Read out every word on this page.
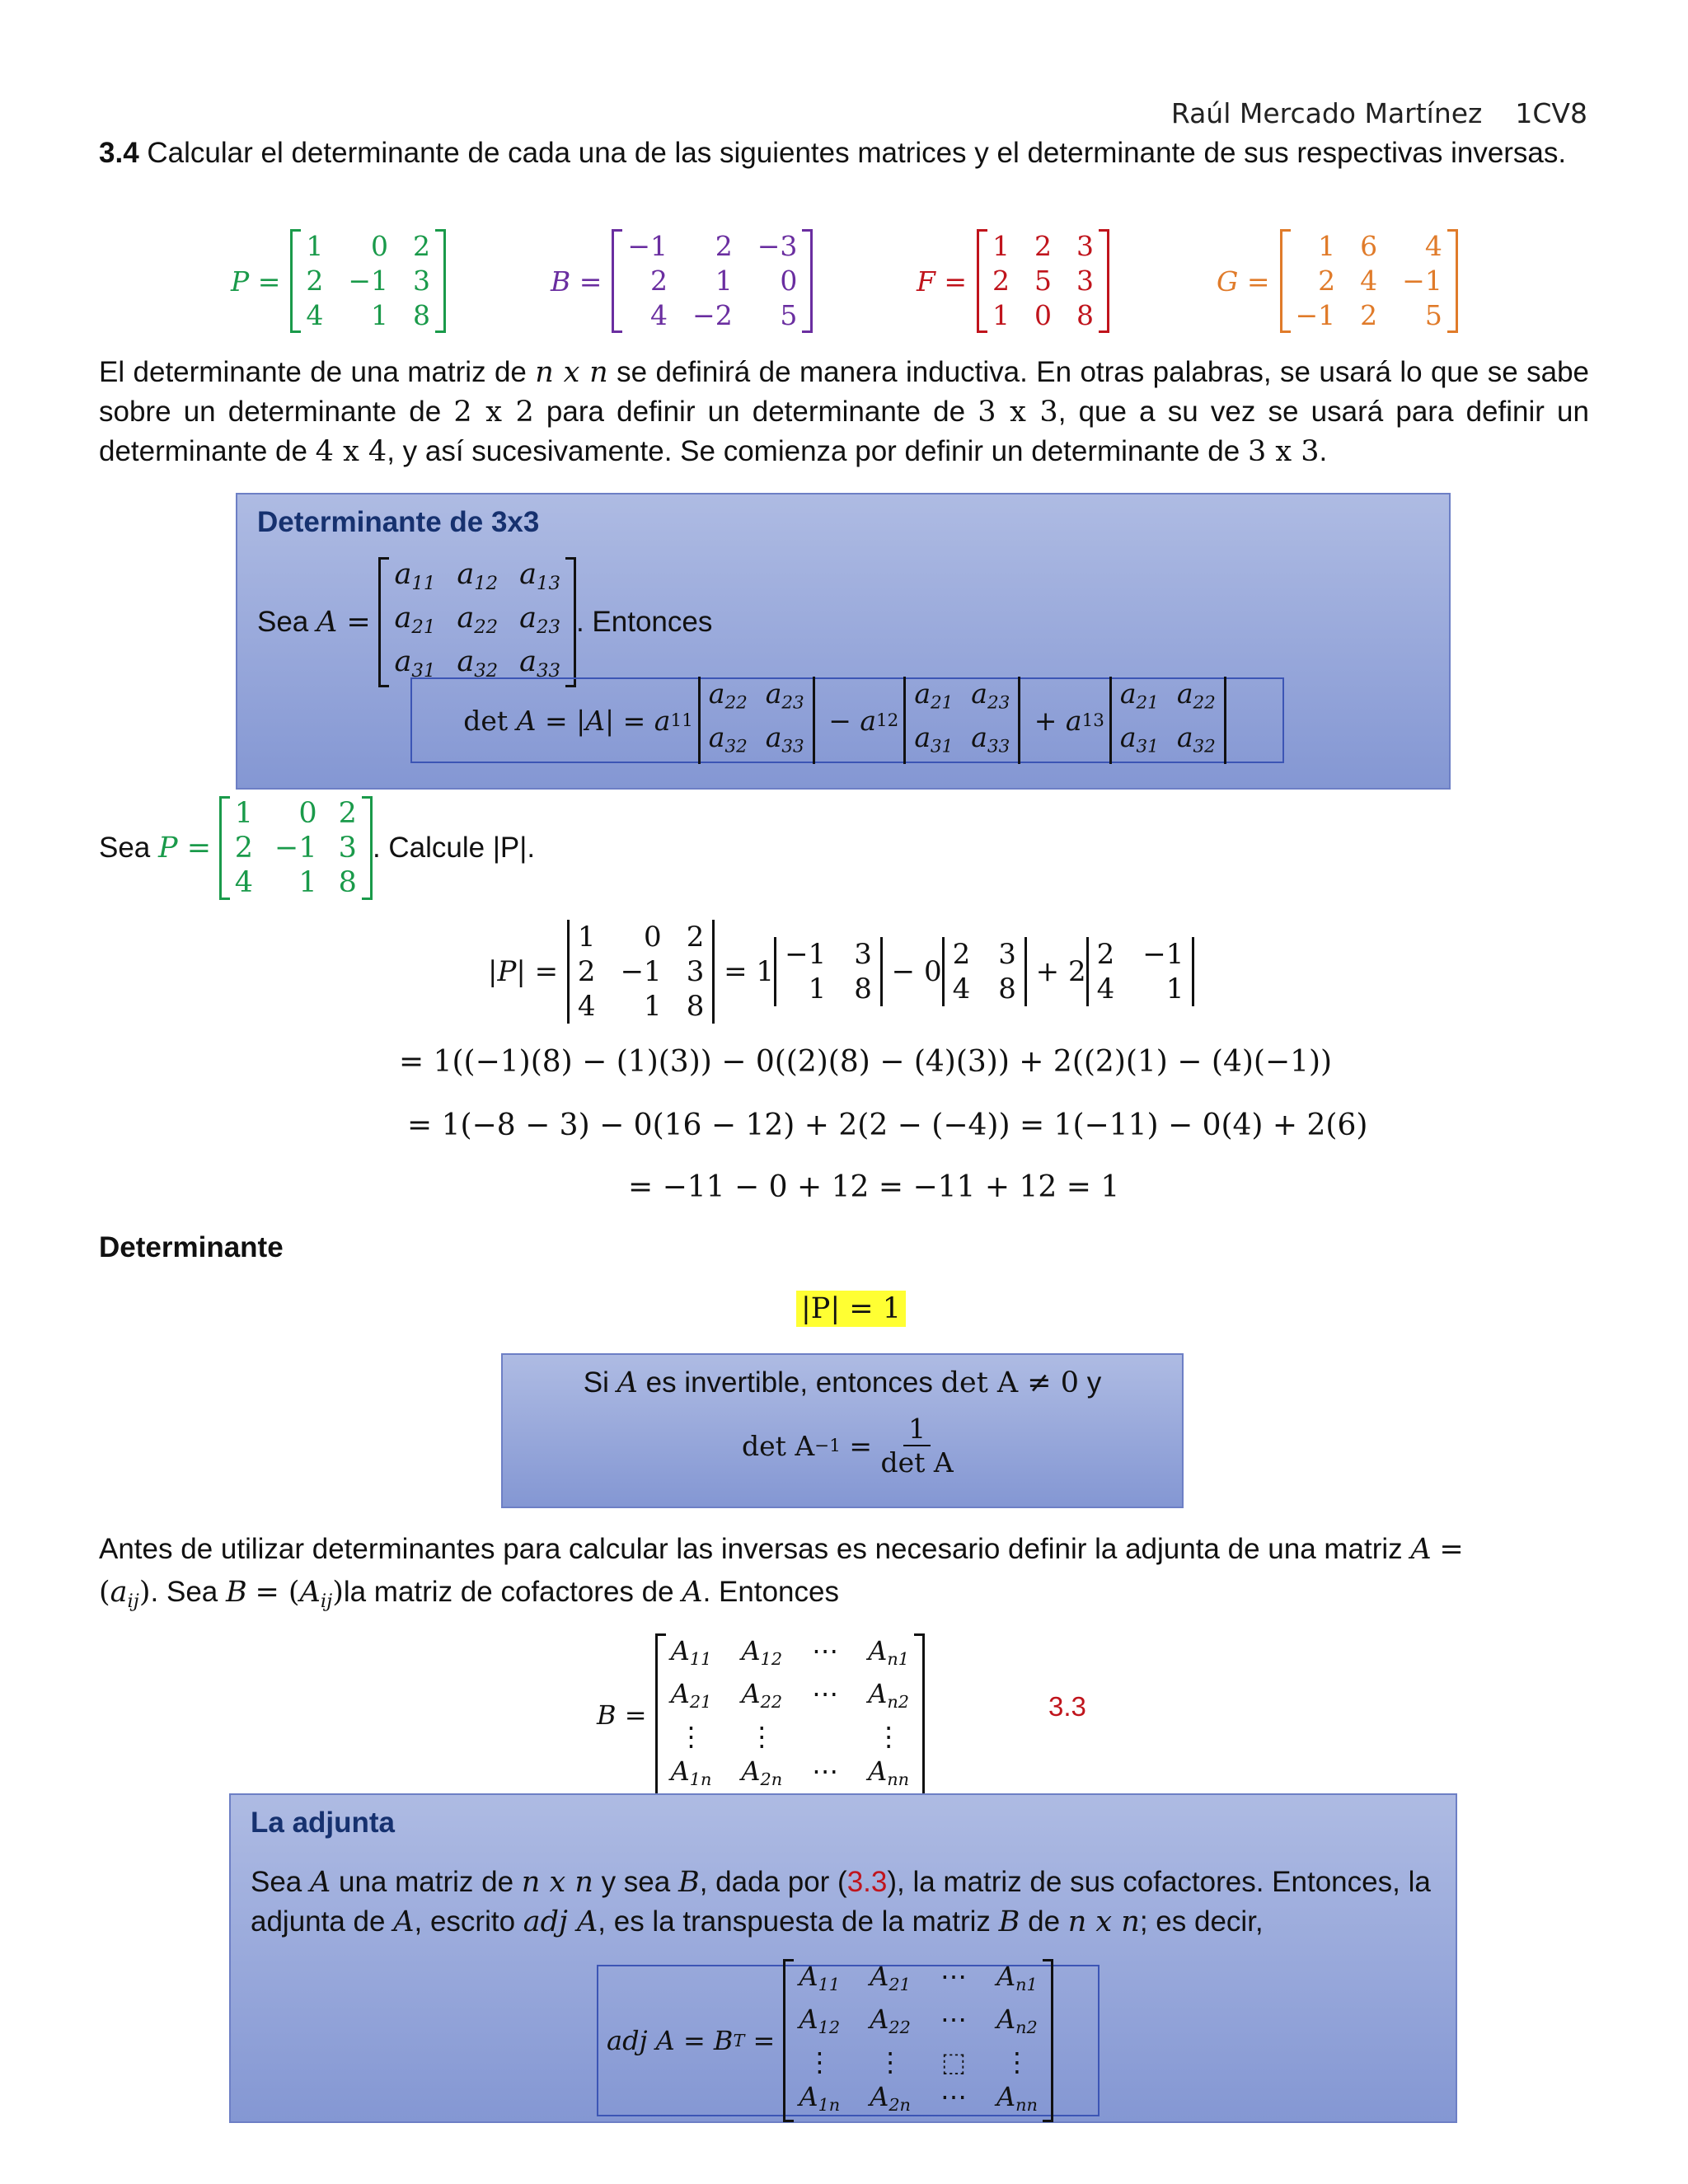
Raúl Mercado Martínez 1CV8
3.4 Calcular el determinante de cada una de las siguientes matrices y el determinante de sus respectivas inversas.
P =
1	0 2
2 −1 3
4	1 8
B =
−1	2 −3
2	1	0
4 −2	5
F =
1 2 3
2 5 3
1 0 8
G =
1 6	4
2 4 −1
−1 2	5
El determinante de una matriz de n x n se definirá de manera inductiva. En otras palabras, se usará lo que se sabe sobre un determinante de 2 x 2 para definir un determinante de 3 x 3, que a su vez se usará para definir un determinante de 4 x 4, y así sucesivamente. Se comienza por definir un determinante de 3 x 3.
Determinante de 3x3
Sea
A =

$a_{11}$ $a_{12}$ $a_{13}$
$a_{21}$ $a_{22}$ $a_{23}$
$a_{31}$ $a_{32}$ $a_{33}$
. Entonces
det A = | A | = a 11
$a_{22}$ $a_{23}$
$a_{32}$ $a_{33}$
− a 12
$a_{21}$ $a_{23}$
$a_{31}$ $a_{33}$
+ a 13
$a_{21}$ $a_{22}$
$a_{31}$ $a_{32}$
Sea
P =

1	0 2
2 −1 3
4	1 8
. Calcule |P|.
|P| =
1	0 2
2 −1 3
4	1 8
= 1
−1 3
1 8
− 0
2 3
4 8
+ 2
2 −1
4	1
= 1((−1)(8) − (1)(3)) − 0((2)(8) − (4)(3)) + 2((2)(1) − (4)(−1))
= 1(−8 − 3) − 0(16 − 12) + 2(2 − (−4)) = 1(−11) − 0(4) + 2(6)
= −11 − 0 + 12 = −11 + 12 = 1
Determinante
|P| = 1
Si A es invertible, entonces det A ≠ 0 y
$\det A -1 = \frac{1}{\text{det A}}$
Antes de utilizar determinantes para calcular las inversas es necesario definir la adjunta de una matriz A =
$(a_{ij})$. Sea $B = (A_{ij})la$ matriz de cofactores de A. Entonces
B =

$A_{11}$ $A_{12}$ ⋯ $A_{n1}$
$A_{21}$ $A_{22}$ ⋯ $A_{n2}$
⋮ ⋮	⋮
$A_{1n}$ $A_{2n}$ ⋯ $A_{nn}$
3.3
La adjunta
Sea A una matriz de n x n y sea B, dada por (3.3), la matriz de sus cofactores. Entonces, la adjunta de A, escrito adj A, es la transpuesta de la matriz B de n x n; es decir,
adj A = B T =
$A_{11}$ $A_{21}$ ⋯ $A_{n1}$
$A_{12}$ $A_{22}$ ⋯ $A_{n2}$
⋮ ⋮ ⬚ ⋮
$A_{1n}$ $A_{2n}$ ⋯ $A_{nn}$
